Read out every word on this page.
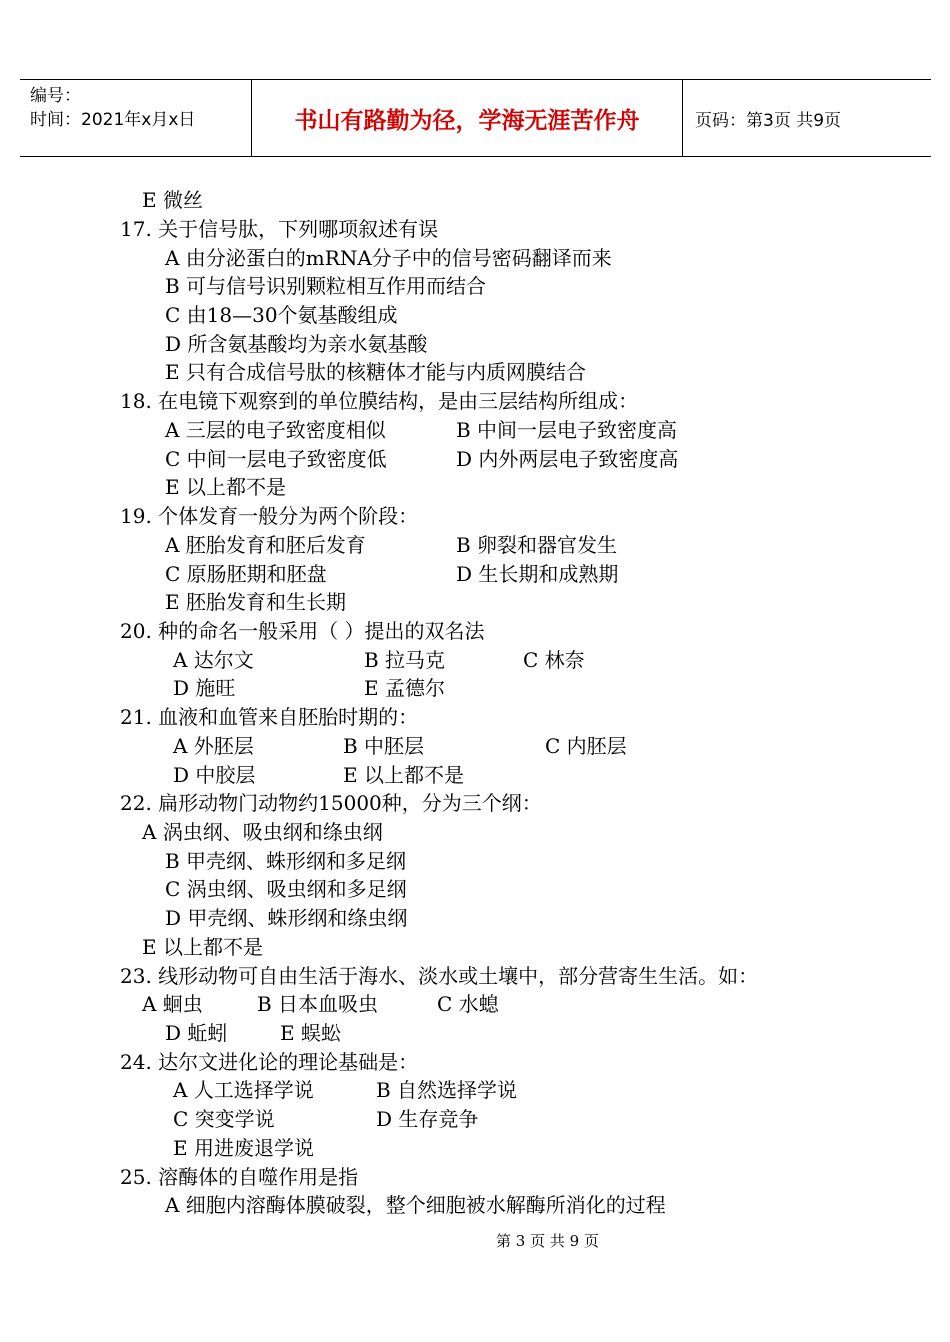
编号：
时间：2021年x月x日	书山有路勤为径，学海无涯苦作舟	页码：第3页 共9页
E 微丝
17. 关于信号肽，下列哪项叙述有误
A 由分泌蛋白的mRNA分子中的信号密码翻译而来
B 可与信号识别颗粒相互作用而结合
C 由18—30个氨基酸组成
D 所含氨基酸均为亲水氨基酸
E 只有合成信号肽的核糖体才能与内质网膜结合
18. 在电镜下观察到的单位膜结构，是由三层结构所组成：
A 三层的电子致密度相似	B 中间一层电子致密度高
C 中间一层电子致密度低	D 内外两层电子致密度高
E 以上都不是
19. 个体发育一般分为两个阶段：
A 胚胎发育和胚后发育	B 卵裂和器官发生
C 原肠胚期和胚盘	D 生长期和成熟期
E 胚胎发育和生长期
20. 种的命名一般采用（ ）提出的双名法
A 达尔文	B 拉马克	C 林奈
D 施旺	E 孟德尔
21. 血液和血管来自胚胎时期的：
A 外胚层	B 中胚层	C 内胚层
D 中胶层	E 以上都不是
22. 扁形动物门动物约15000种，分为三个纲：
A 涡虫纲、吸虫纲和绦虫纲
B 甲壳纲、蛛形纲和多足纲
C 涡虫纲、吸虫纲和多足纲
D 甲壳纲、蛛形纲和绦虫纲
E 以上都不是
23. 线形动物可自由生活于海水、淡水或土壤中，部分营寄生生活。如：
A 蛔虫	B 日本血吸虫	C 水螅
D 蚯蚓	E 蜈蚣
24. 达尔文进化论的理论基础是：
A 人工选择学说	B 自然选择学说
C 突变学说	D 生存竞争
E 用进废退学说
25. 溶酶体的自噬作用是指
A 细胞内溶酶体膜破裂，整个细胞被水解酶所消化的过程
第 3 页 共 9 页
